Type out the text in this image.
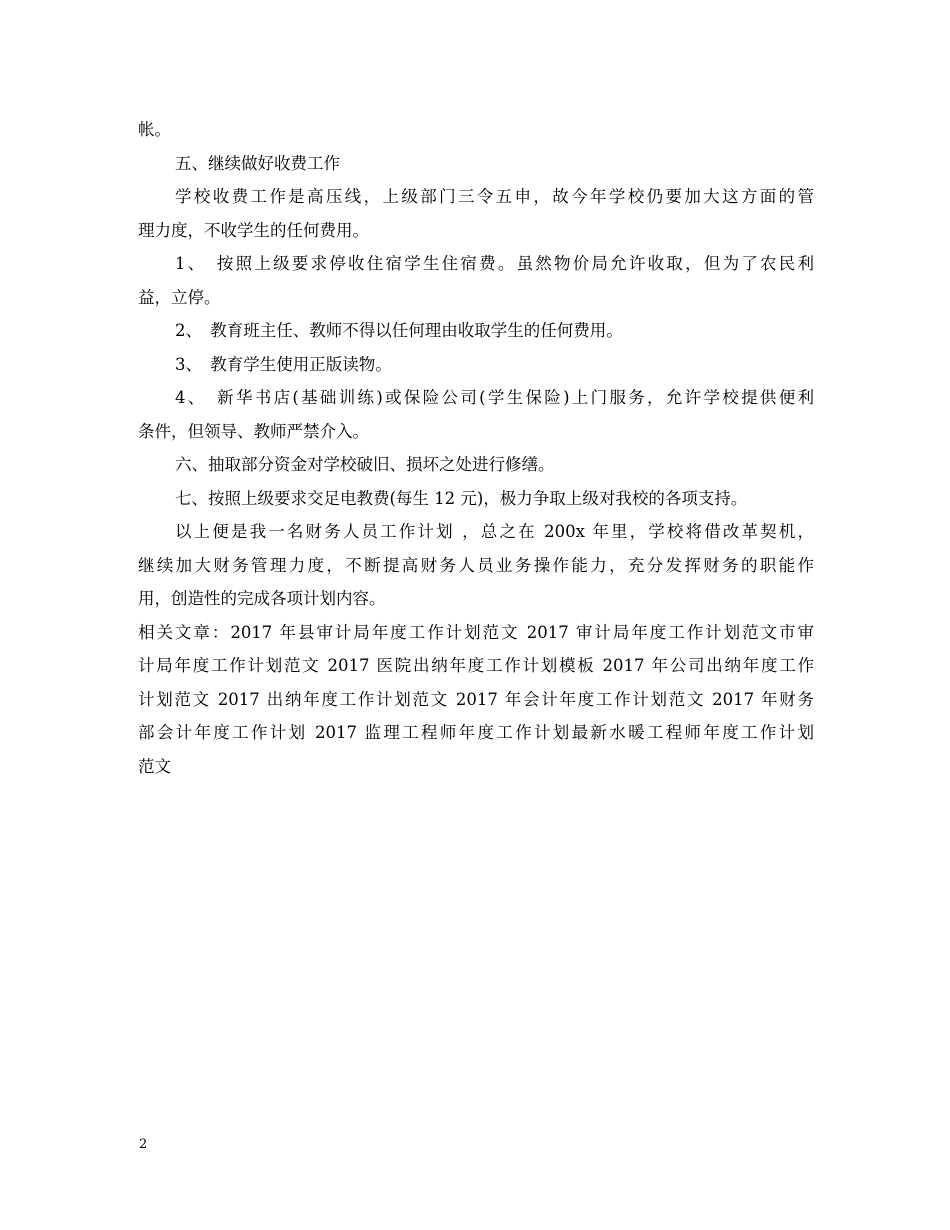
帐。
五、继续做好收费工作
学校收费工作是高压线，上级部门三令五申，故今年学校仍要加大这方面的管
理力度，不收学生的任何费用。
1、　按照上级要求停收住宿学生住宿费。虽然物价局允许收取，但为了农民利
益，立停。
2、　教育班主任、教师不得以任何理由收取学生的任何费用。
3、　教育学生使用正版读物。
4、　新华书店(基础训练)或保险公司(学生保险)上门服务，允许学校提供便利
条件，但领导、教师严禁介入。
六、抽取部分资金对学校破旧、损坏之处进行修缮。
七、按照上级要求交足电教费(每生 12 元)，极力争取上级对我校的各项支持。
以上便是我一名财务人员工作计划 ，总之在 200x 年里，学校将借改革契机，
继续加大财务管理力度，不断提高财务人员业务操作能力，充分发挥财务的职能作
用，创造性的完成各项计划内容。
相关文章：2017 年县审计局年度工作计划范文 2017 审计局年度工作计划范文市审
计局年度工作计划范文 2017 医院出纳年度工作计划模板 2017 年公司出纳年度工作
计划范文 2017 出纳年度工作计划范文 2017 年会计年度工作计划范文 2017 年财务
部会计年度工作计划 2017 监理工程师年度工作计划最新水暖工程师年度工作计划
范文
2
